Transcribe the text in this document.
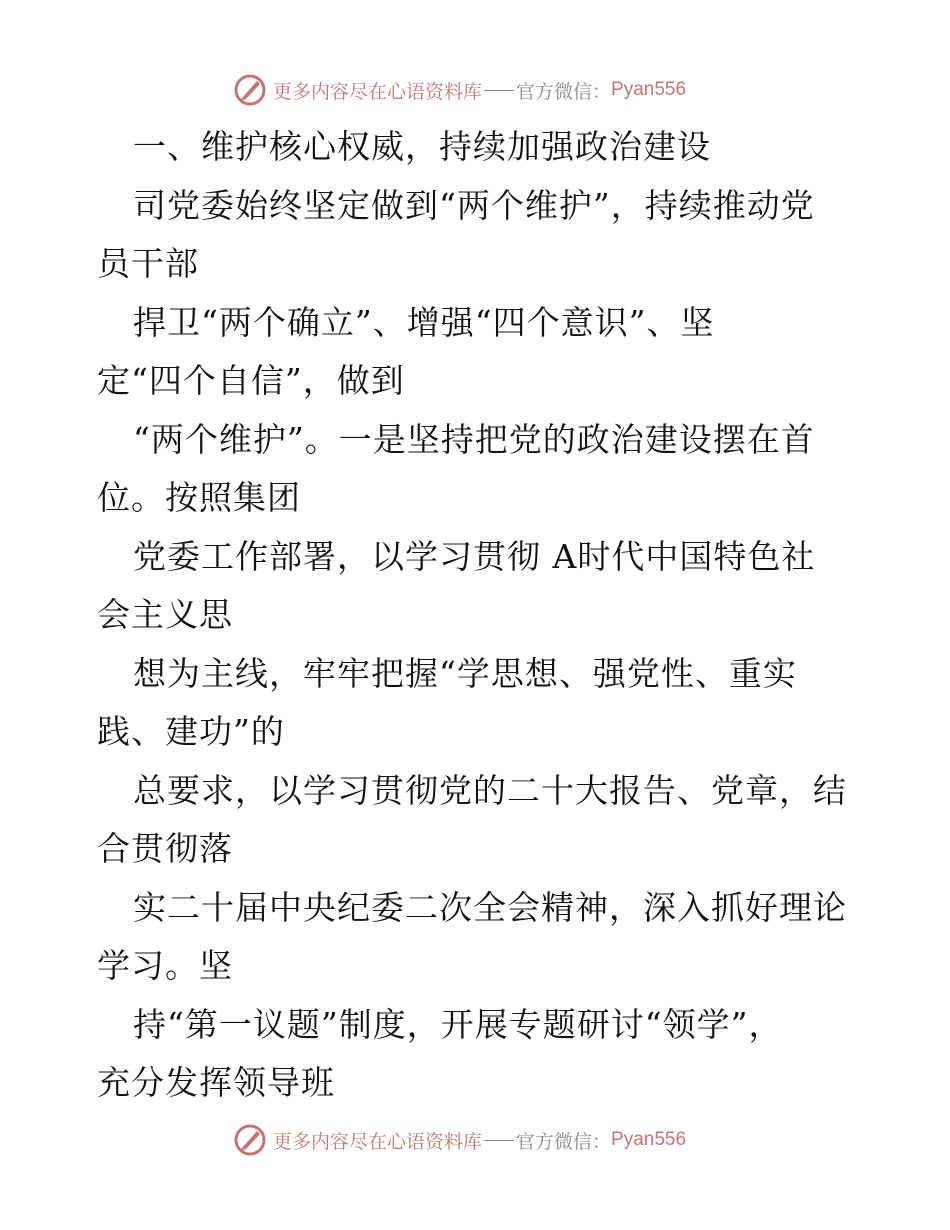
更多内容尽在心语资料库 官方微信： Pyan556
一、维护核心权威，持续加强政治建设
司党委始终坚定做到“两个维护”，持续推动党
员干部
捍卫“两个确立”、增强“四个意识”、坚
定“四个自信”，做到
“两个维护”。一是坚持把党的政治建设摆在首
位。按照集团
党委工作部署，以学习贯彻 A时代中国特色社
会主义思
想为主线，牢牢把握“学思想、强党性、重实
践、建功”的
总要求，以学习贯彻党的二十大报告、党章，结
合贯彻落
实二十届中央纪委二次全会精神，深入抓好理论
学习。坚
持“第一议题”制度，开展专题研讨“领学”，
充分发挥领导班
更多内容尽在心语资料库 官方微信： Pyan556
